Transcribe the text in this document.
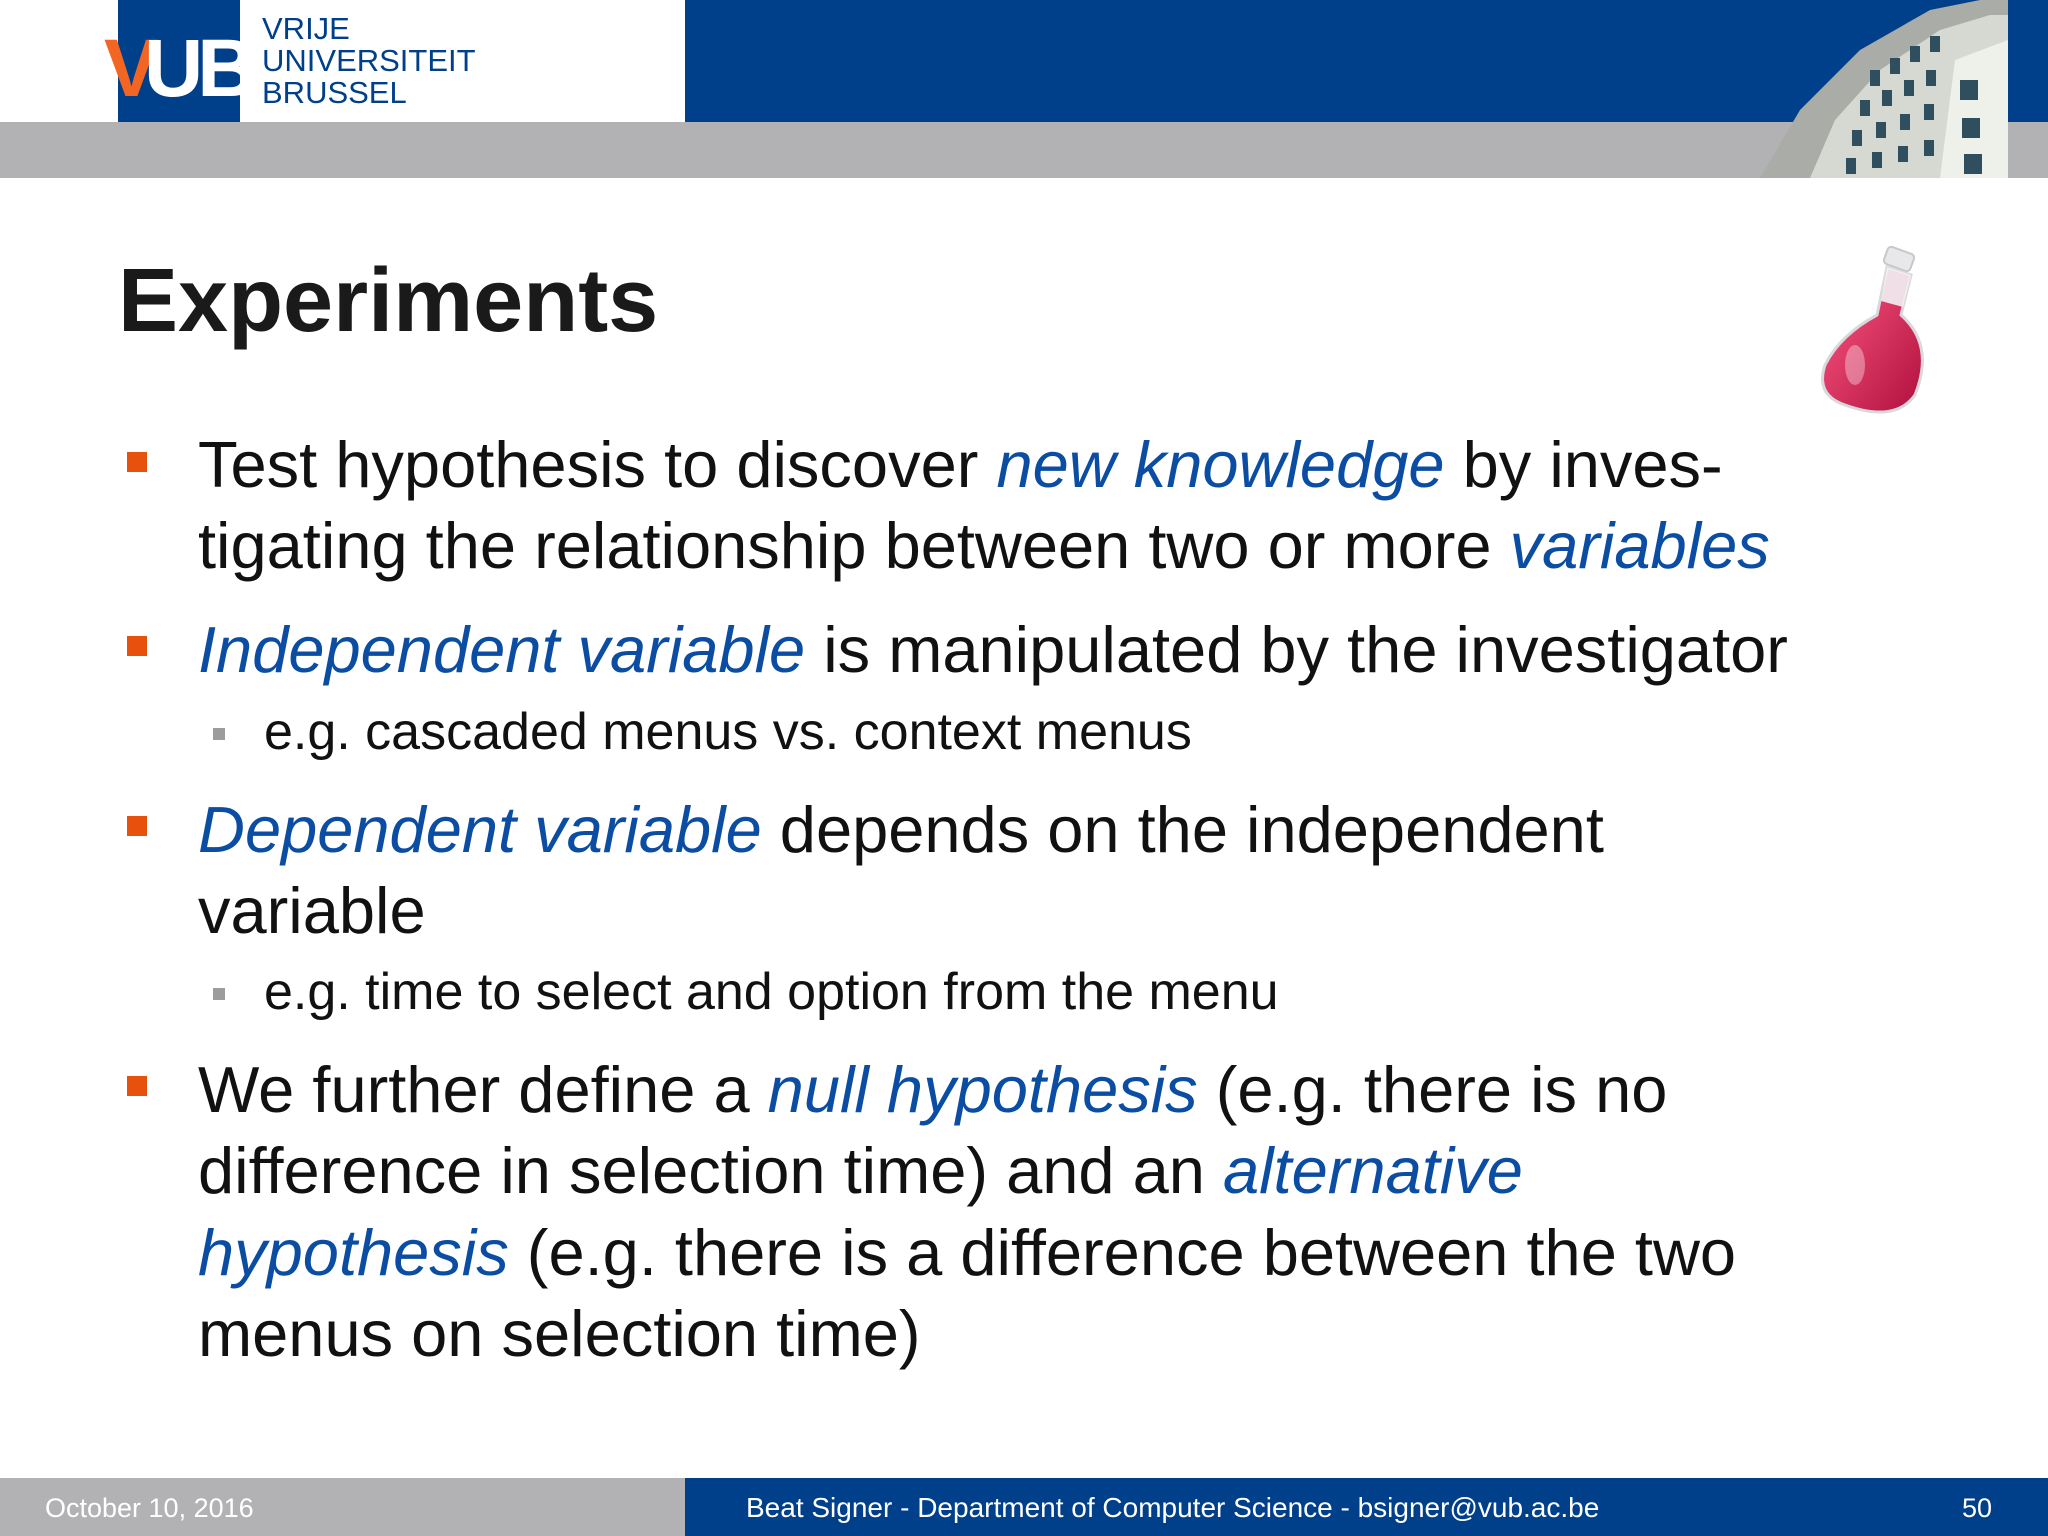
V
UB VRIJE
UNIVERSITEIT
BRUSSEL
Experiments
Test hypothesis to discover new knowledge by inves-
tigating the relationship between two or more variables
Independent variable is manipulated by the investigator
e.g. cascaded menus vs. context menus
Dependent variable depends on the independent
variable
e.g. time to select and option from the menu
We further define a null hypothesis (e.g. there is no
difference in selection time) and an alternative
hypothesis (e.g. there is a difference between the two
menus on selection time)
October 10, 2016	Beat Signer - Department of Computer Science - bsigner@vub.ac.be	50
